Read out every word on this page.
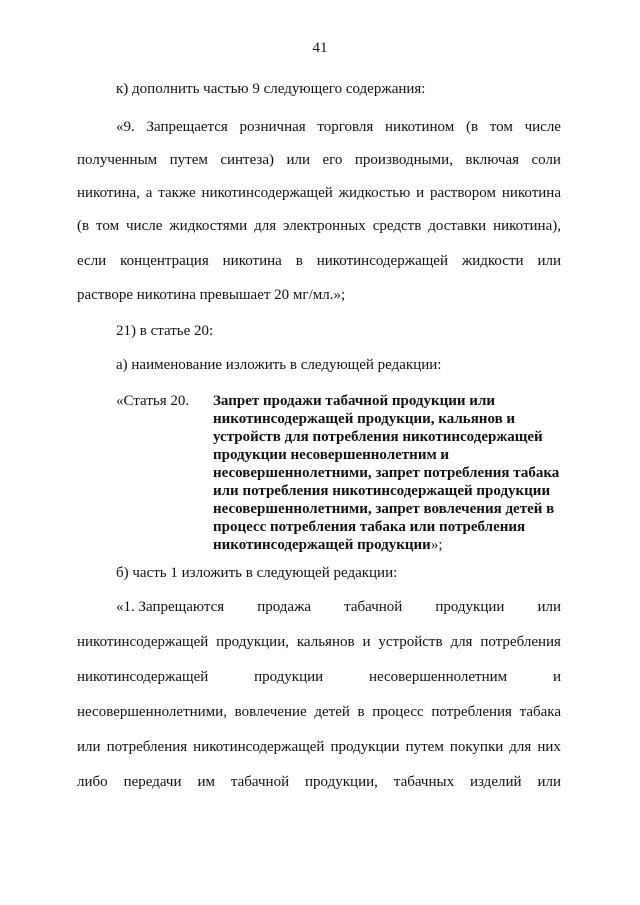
41
к) дополнить частью 9 следующего содержания:
«9. Запрещается розничная торговля никотином (в том числе
полученным путем синтеза) или его производными, включая соли
никотина, а также никотинсодержащей жидкостью и раствором никотина
(в том числе жидкостями для электронных средств доставки никотина),
если концентрация никотина в никотинсодержащей жидкости или
растворе никотина превышает 20 мг/мл.»;
21) в статье 20:
а) наименование изложить в следующей редакции:
«Статья 20. Запрет продажи табачной продукции или
никотинсодержащей продукции, кальянов и
устройств для потребления никотинсодержащей
продукции несовершеннолетним и
несовершеннолетними, запрет потребления табака
или потребления никотинсодержащей продукции
несовершеннолетними, запрет вовлечения детей в
процесс потребления табака или потребления
никотинсодержащей продукции»;
б) часть 1 изложить в следующей редакции:
«1. Запрещаются продажа табачной продукции или
никотинсодержащей продукции, кальянов и устройств для потребления
никотинсодержащей	продукции	несовершеннолетним	и
несовершеннолетними, вовлечение детей в процесс потребления табака
или потребления никотинсодержащей продукции путем покупки для них
либо передачи им табачной продукции, табачных изделий или
